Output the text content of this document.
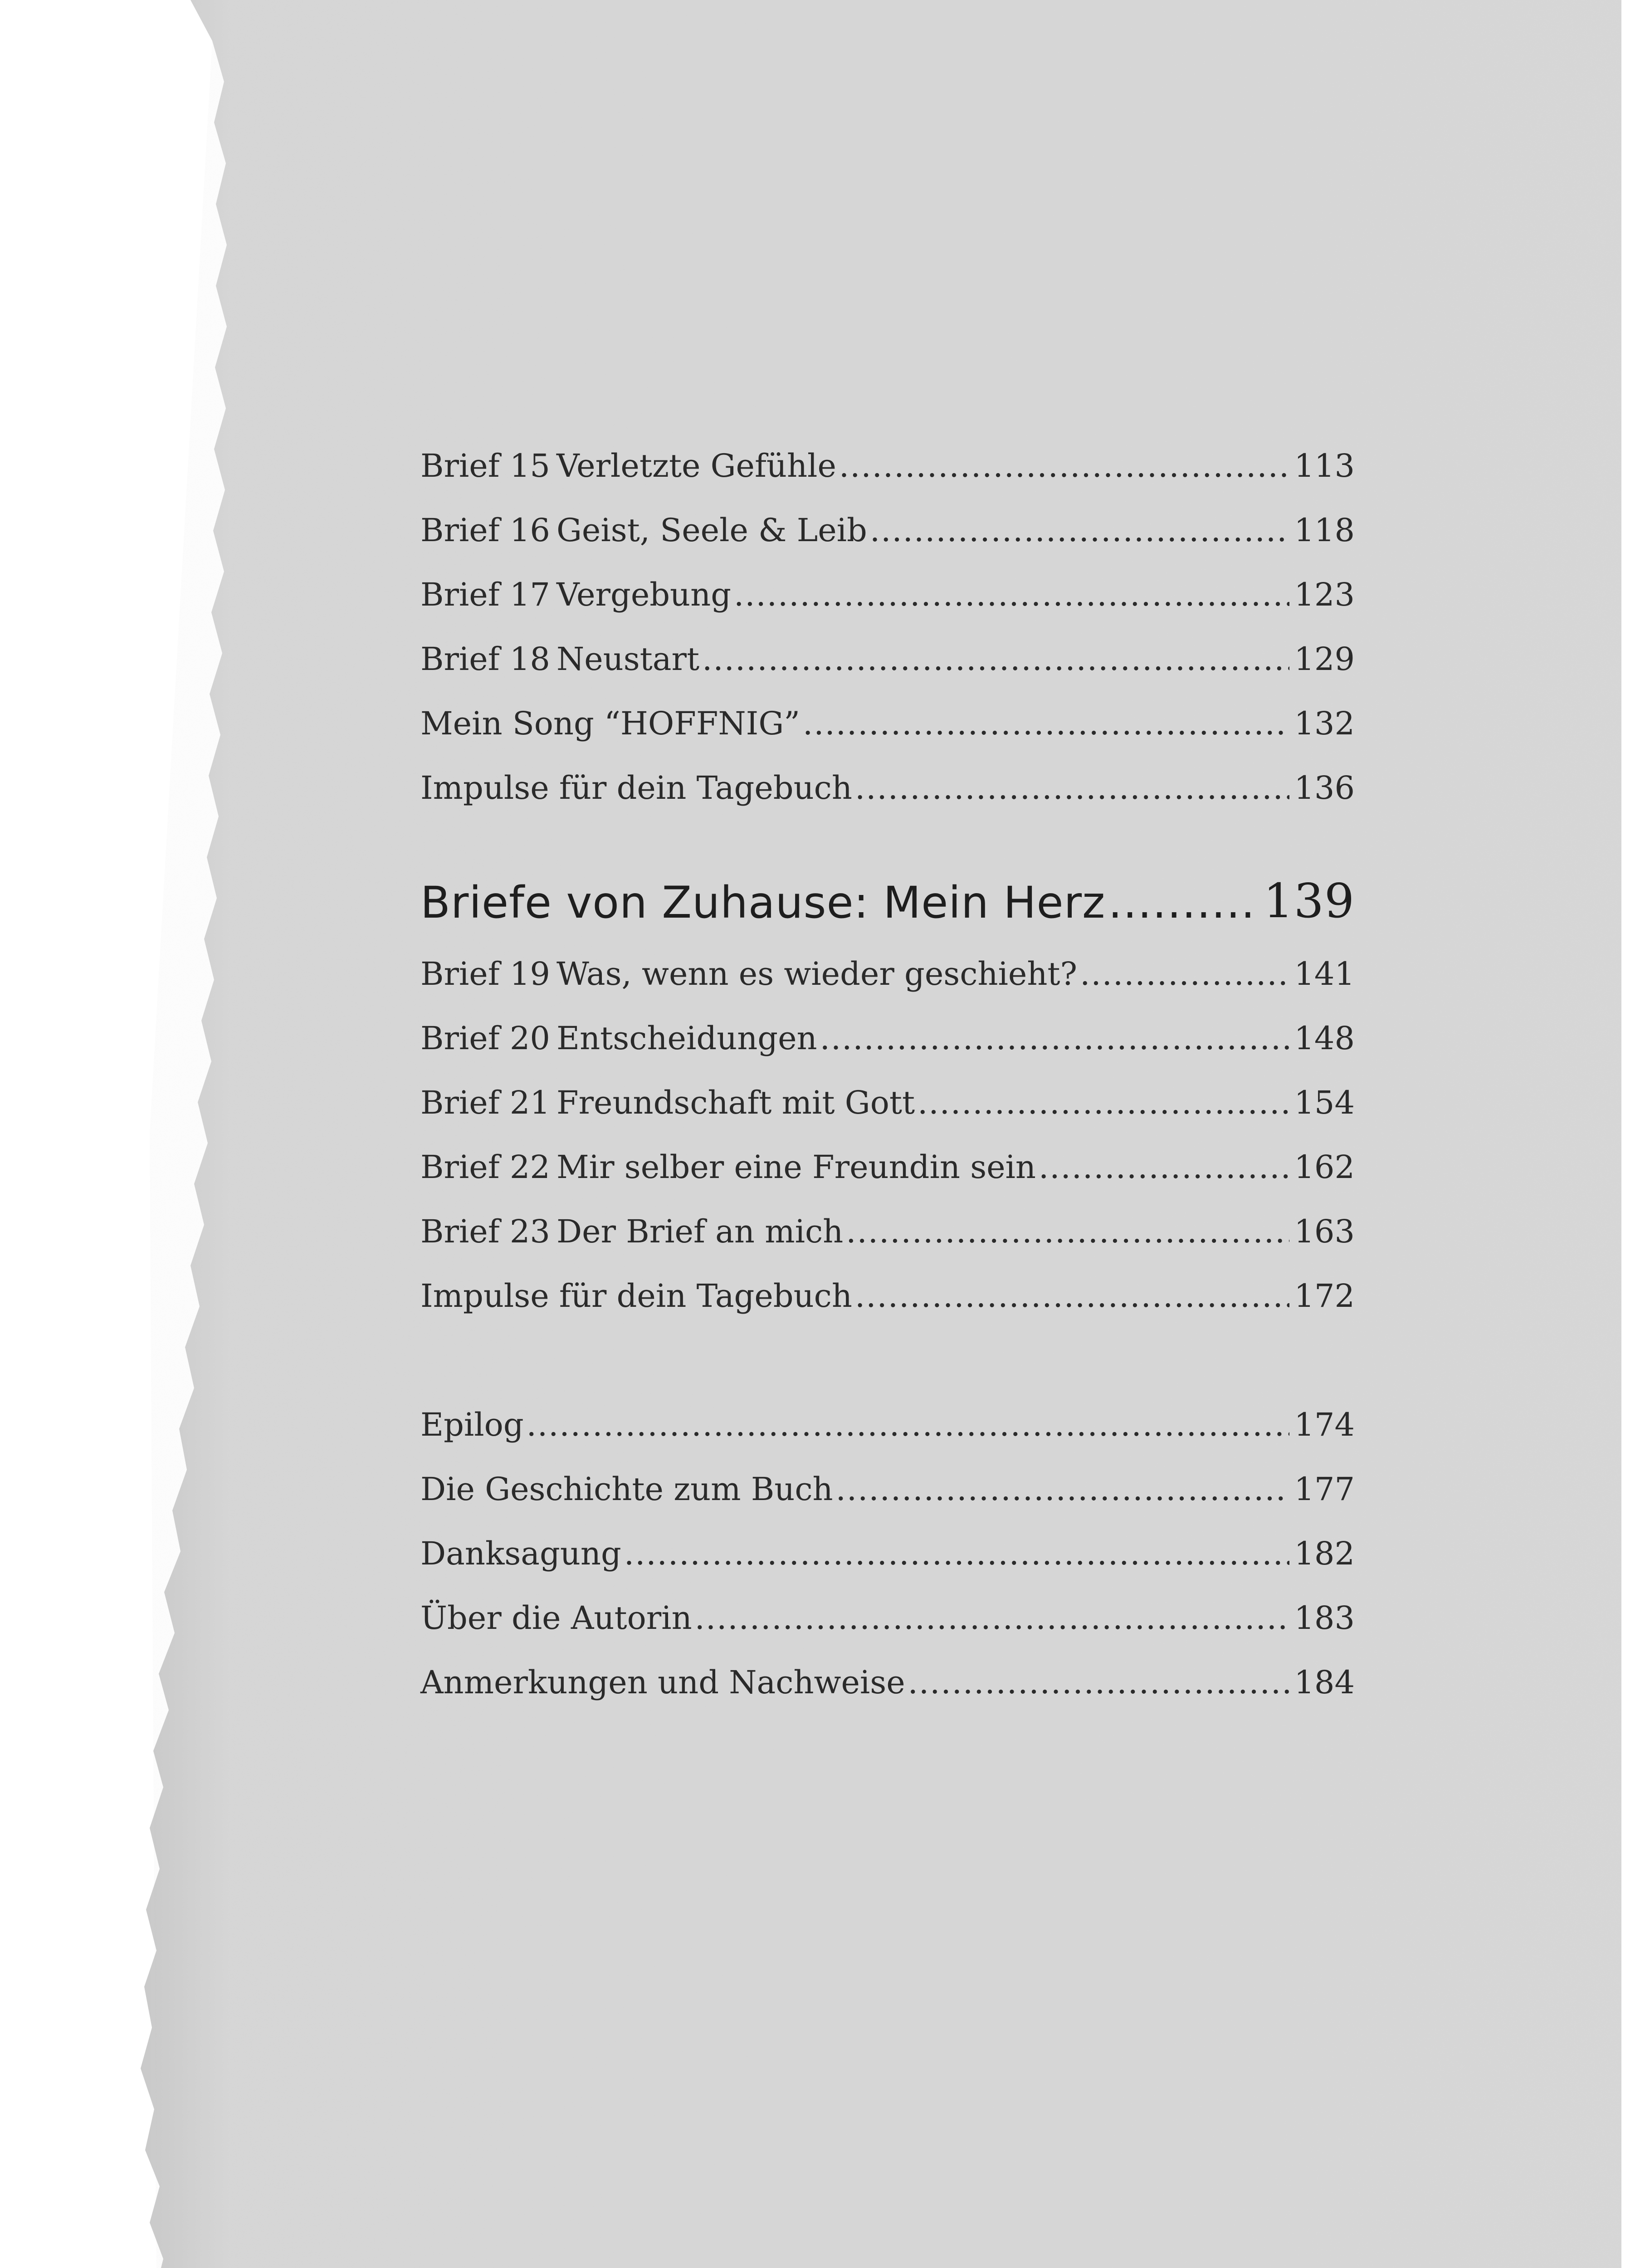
Brief 15 Verletzte Gefühle .....	113
Brief 16 Geist, Seele & Leib .....	118
Brief 17 Vergebung .....	123
Brief 18 Neustart .....	129
Mein Song “HOFFNIG” .....	132
Impulse für dein Tagebuch .....	136
Briefe von Zuhause: Mein Herz .....	139
Brief 19 Was, wenn es wieder geschieht? .....	141
Brief 20 Entscheidungen .....	148
Brief 21 Freundschaft mit Gott .....	154
Brief 22 Mir selber eine Freundin sein .....	162
Brief 23 Der Brief an mich .....	163
Impulse für dein Tagebuch .....	172
Epilog .....	174
Die Geschichte zum Buch .....	177
Danksagung .....	182
Über die Autorin .....	183
Anmerkungen und Nachweise .....	184
